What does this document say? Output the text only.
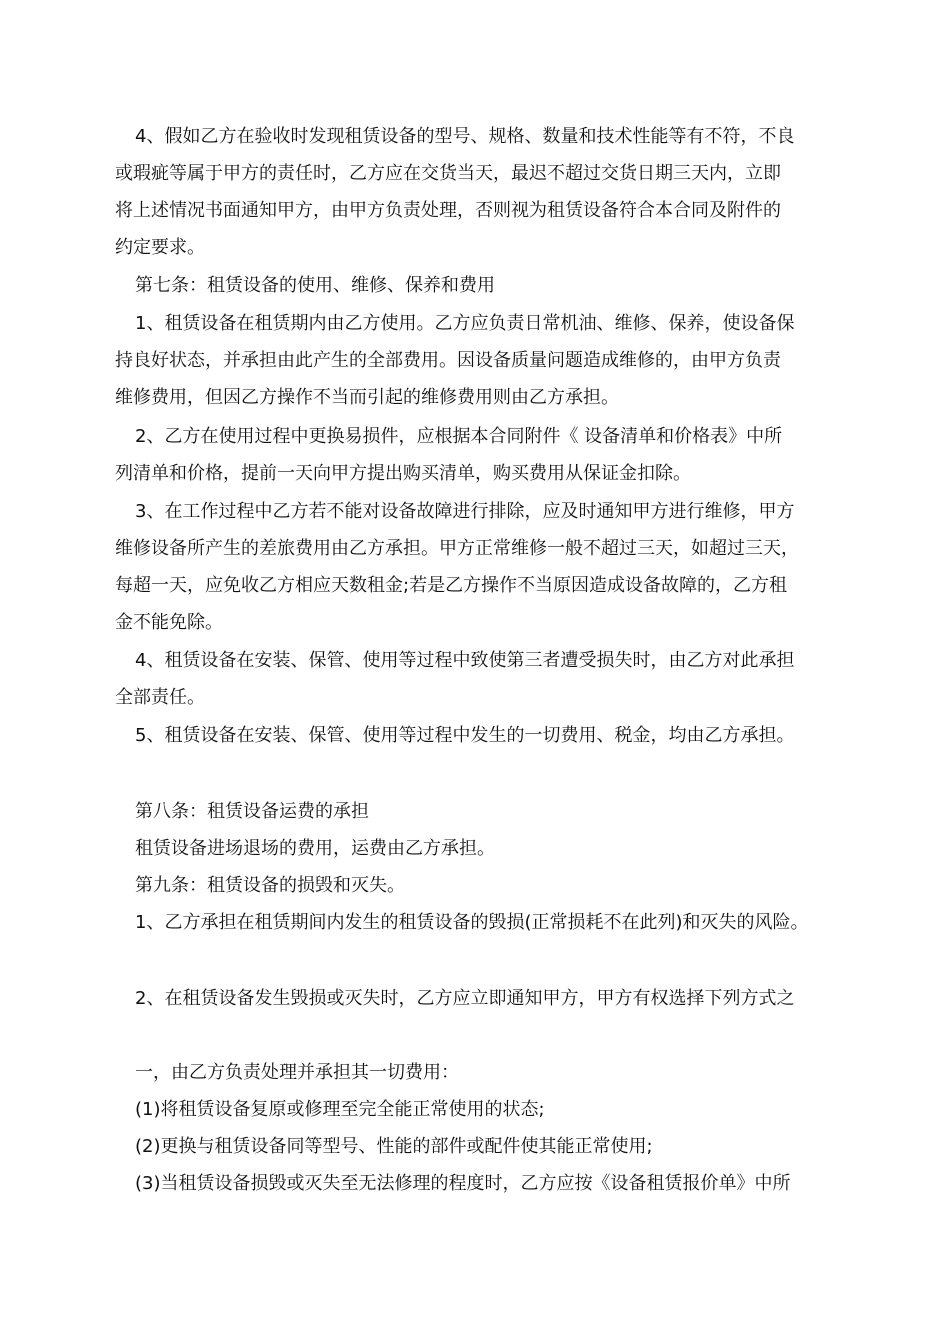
4、假如乙方在验收时发现租赁设备的型号、规格、数量和技术性能等有不符，不良
或瑕疵等属于甲方的责任时，乙方应在交货当天，最迟不超过交货日期三天内，立即
将上述情况书面通知甲方，由甲方负责处理，否则视为租赁设备符合本合同及附件的
约定要求。
第七条：租赁设备的使用、维修、保养和费用
1、租赁设备在租赁期内由乙方使用。乙方应负责日常机油、维修、保养，使设备保
持良好状态，并承担由此产生的全部费用。因设备质量问题造成维修的，由甲方负责
维修费用，但因乙方操作不当而引起的维修费用则由乙方承担。
2、乙方在使用过程中更换易损件，应根据本合同附件《 设备清单和价格表》中所
列清单和价格，提前一天向甲方提出购买清单，购买费用从保证金扣除。
3、在工作过程中乙方若不能对设备故障进行排除，应及时通知甲方进行维修，甲方
维修设备所产生的差旅费用由乙方承担。甲方正常维修一般不超过三天，如超过三天，
每超一天，应免收乙方相应天数租金;若是乙方操作不当原因造成设备故障的，乙方租
金不能免除。
4、租赁设备在安装、保管、使用等过程中致使第三者遭受损失时，由乙方对此承担
全部责任。
5、租赁设备在安装、保管、使用等过程中发生的一切费用、税金，均由乙方承担。
第八条：租赁设备运费的承担
租赁设备进场退场的费用，运费由乙方承担。
第九条：租赁设备的损毁和灭失。
1、乙方承担在租赁期间内发生的租赁设备的毁损(正常损耗不在此列)和灭失的风险。
2、在租赁设备发生毁损或灭失时，乙方应立即通知甲方，甲方有权选择下列方式之
一，由乙方负责处理并承担其一切费用：
(1)将租赁设备复原或修理至完全能正常使用的状态;
(2)更换与租赁设备同等型号、性能的部件或配件使其能正常使用;
(3)当租赁设备损毁或灭失至无法修理的程度时，乙方应按《设备租赁报价单》中所
